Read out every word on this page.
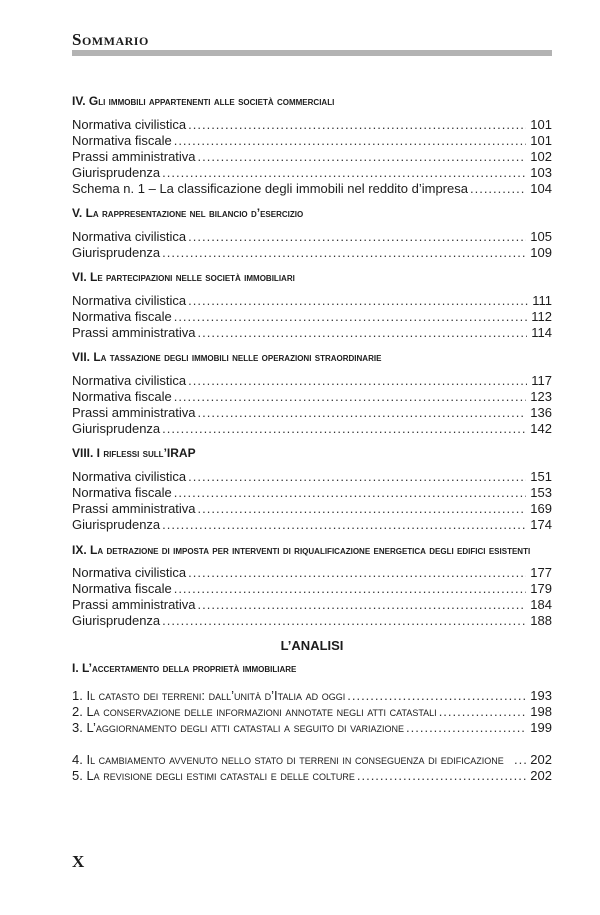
Sommario
IV. Gli immobili appartenenti alle società commerciali
Normativa civilistica .....	101
Normativa fiscale .....	101
Prassi amministrativa .....	102
Giurisprudenza .....	103
Schema n. 1 – La classificazione degli immobili nel reddito d’impresa .....	104
V. La rappresentazione nel bilancio d’esercizio
Normativa civilistica .....	105
Giurisprudenza .....	109
VI. Le partecipazioni nelle società immobiliari
Normativa civilistica .....	111
Normativa fiscale .....	112
Prassi amministrativa .....	114
VII. La tassazione degli immobili nelle operazioni straordinarie
Normativa civilistica .....	117
Normativa fiscale .....	123
Prassi amministrativa .....	136
Giurisprudenza .....	142
VIII. I riflessi sull’IRAP
Normativa civilistica .....	151
Normativa fiscale .....	153
Prassi amministrativa .....	169
Giurisprudenza .....	174
IX. La detrazione di imposta per interventi di riqualificazione energetica degli edifici esistenti
Normativa civilistica .....	177
Normativa fiscale .....	179
Prassi amministrativa .....	184
Giurisprudenza .....	188
L’ANALISI
I. L’accertamento della proprietà immobiliare
1. Il catasto dei terreni: dall’unità d’Italia ad oggi .....	193
2. La conservazione delle informazioni annotate negli atti catastali .....	198
3. L’aggiornamento degli atti catastali a seguito di variazione .....	199
4. Il cambiamento avvenuto nello stato di terreni in conseguenza di edificazione .....	202
5. La revisione degli estimi catastali e delle colture .....	202
X
